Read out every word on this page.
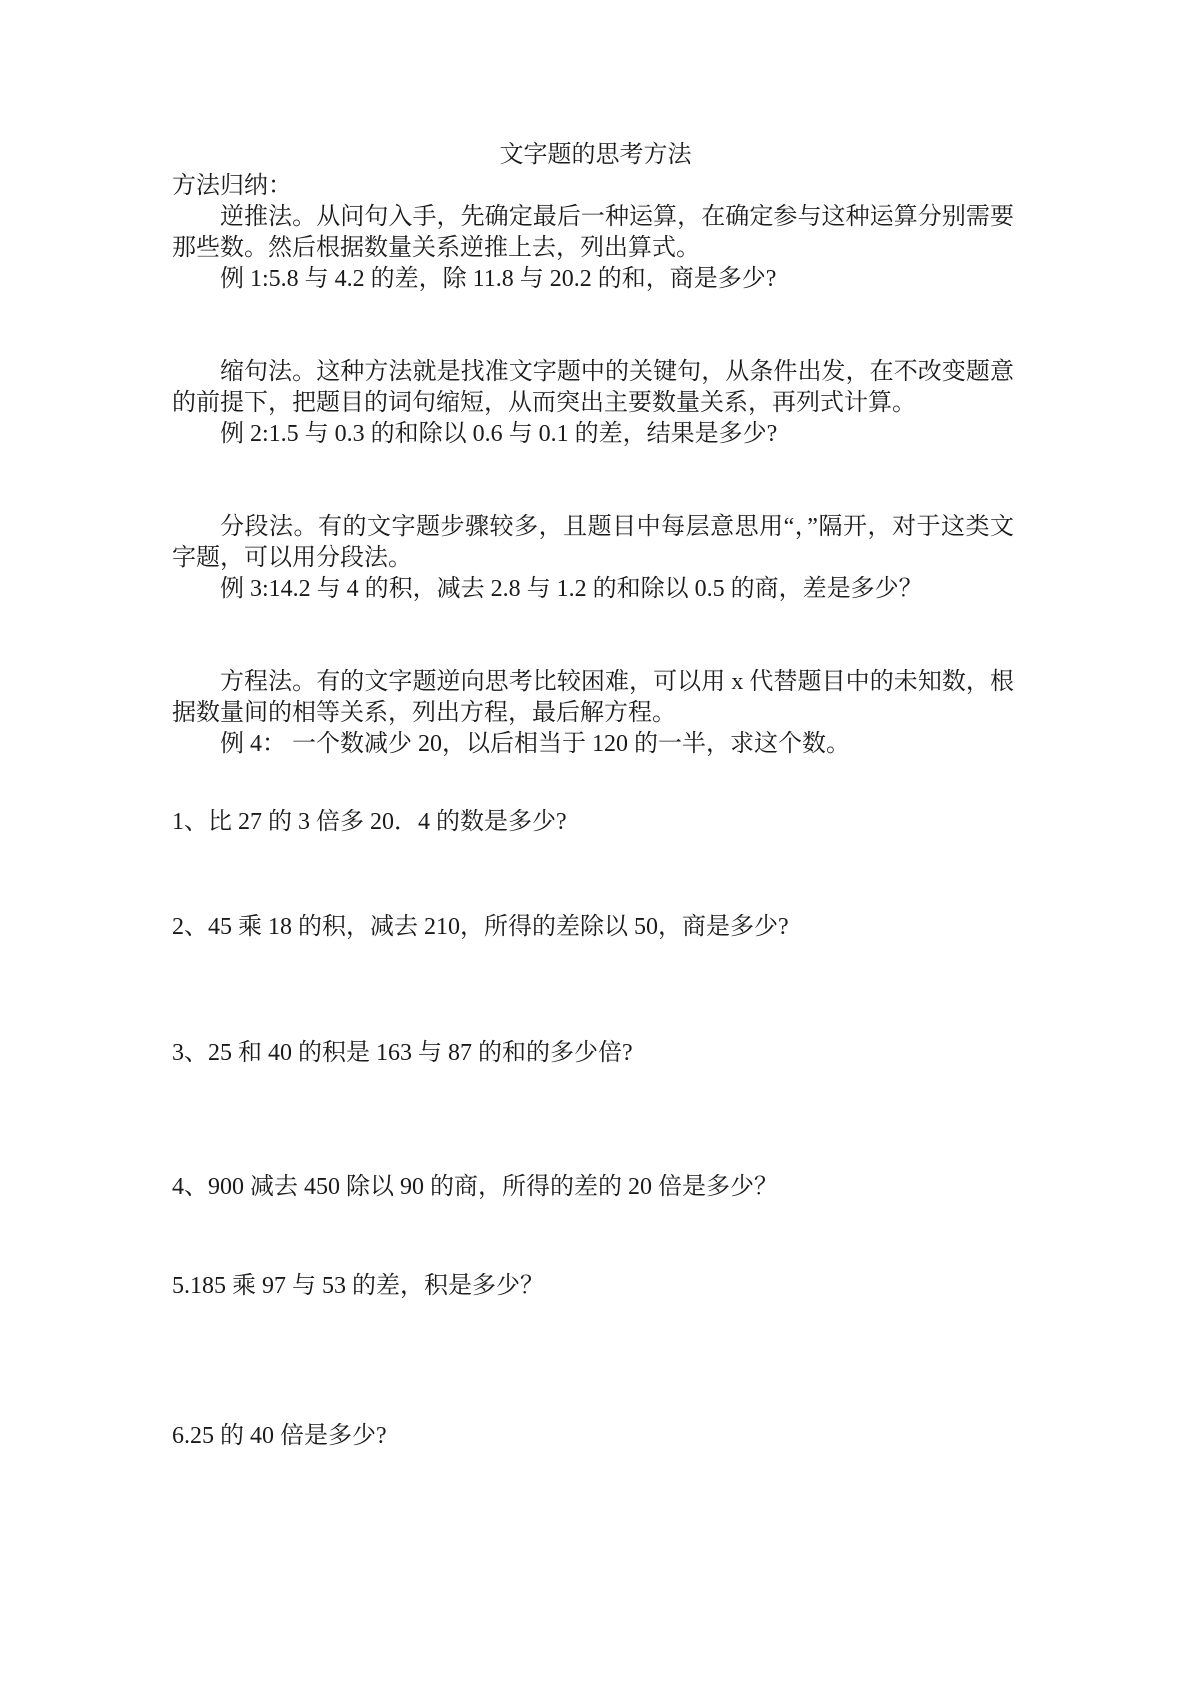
文字题的思考方法
方法归纳：
逆推法。从问句入手，先确定最后一种运算，在确定参与这种运算分别需要那些数。然后根据数量关系逆推上去，列出算式。
例 1:5.8 与 4.2 的差，除 11.8 与 20.2 的和，商是多少?
缩句法。这种方法就是找准文字题中的关键句，从条件出发，在不改变题意的前提下，把题目的词句缩短，从而突出主要数量关系，再列式计算。
例 2:1.5 与 0.3 的和除以 0.6 与 0.1 的差，结果是多少?
分段法。有的文字题步骤较多，且题目中每层意思用“，”隔开，对于这类文字题，可以用分段法。
例 3:14.2 与 4 的积，减去 2.8 与 1.2 的和除以 0.5 的商，差是多少？
方程法。有的文字题逆向思考比较困难，可以用 x 代替题目中的未知数，根据数量间的相等关系，列出方程，最后解方程。
例 4： 一个数减少 20，以后相当于 120 的一半，求这个数。
1、比 27 的 3 倍多 20．4 的数是多少?
2、45 乘 18 的积，减去 210，所得的差除以 50，商是多少?
3、25 和 40 的积是 163 与 87 的和的多少倍?
4、900 减去 450 除以 90 的商，所得的差的 20 倍是多少？
5.185 乘 97 与 53 的差，积是多少？
6.25 的 40 倍是多少?
